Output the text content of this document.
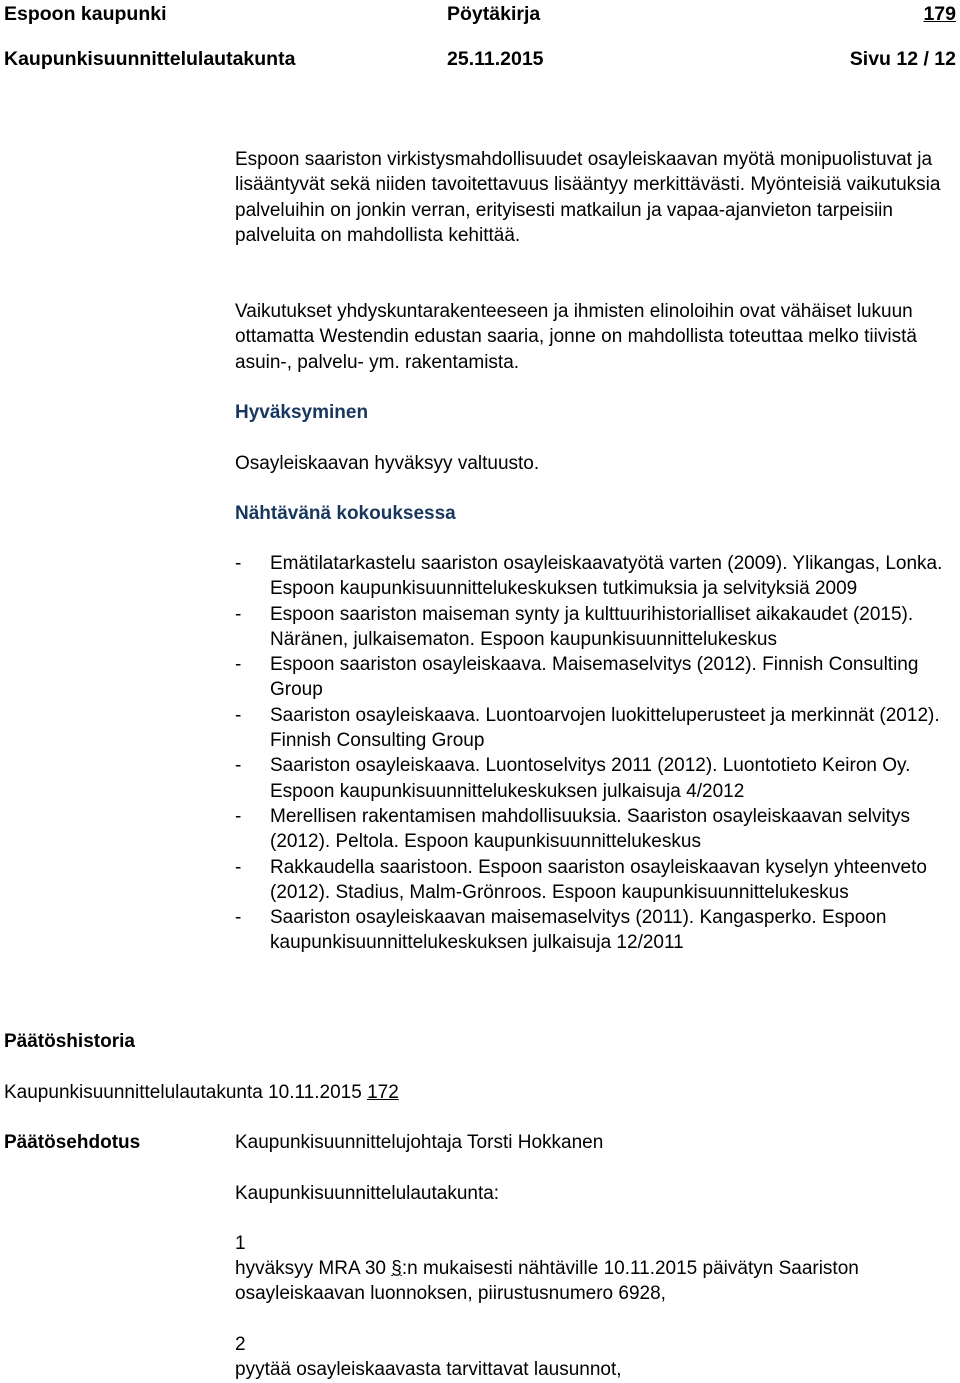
Espoon kaupunki	Pöytäkirja	179
Kaupunkisuunnittelulautakunta	25.11.2015	Sivu 12 / 12

Espoon saariston virkistysmahdollisuudet osayleiskaavan myötä monipuolistuvat ja lisääntyvät sekä niiden tavoitettavuus lisääntyy merkittävästi. Myönteisiä vaikutuksia palveluihin on jonkin verran, erityisesti matkailun ja vapaa-ajanvieton tarpeisiin palveluita on mahdollista kehittää.

Vaikutukset yhdyskuntarakenteeseen ja ihmisten elinoloihin ovat vähäiset lukuun ottamatta Westendin edustan saaria, jonne on mahdollista toteuttaa melko tiivistä asuin-, palvelu- ym. rakentamista.

Hyväksyminen
Osayleiskaavan hyväksyy valtuusto.
Nähtävänä kokouksessa
- Emätilatarkastelu saariston osayleiskaavatyötä varten (2009). Ylikangas, Lonka. Espoon kaupunkisuunnittelukeskuksen tutkimuksia ja selvityksiä 2009
- Espoon saariston maiseman synty ja kulttuurihistorialliset aikakaudet (2015). Näränen, julkaisematon. Espoon kaupunkisuunnittelukeskus
- Espoon saariston osayleiskaava. Maisemaselvitys (2012). Finnish Consulting Group
- Saariston osayleiskaava. Luontoarvojen luokitteluperusteet ja merkinnät (2012). Finnish Consulting Group
- Saariston osayleiskaava. Luontoselvitys 2011 (2012). Luontotieto Keiron Oy. Espoon kaupunkisuunnittelukeskuksen julkaisuja 4/2012
- Merellisen rakentamisen mahdollisuuksia. Saariston osayleiskaavan selvitys (2012). Peltola. Espoon kaupunkisuunnittelukeskus
- Rakkaudella saaristoon. Espoon saariston osayleiskaavan kyselyn yhteenveto (2012). Stadius, Malm-Grönroos. Espoon kaupunkisuunnittelukeskus
- Saariston osayleiskaavan maisemaselvitys (2011). Kangasperko. Espoon kaupunkisuunnittelukeskuksen julkaisuja 12/2011
Päätöshistoria
Kaupunkisuunnittelulautakunta 10.11.2015 172
Päätösehdotus	Kaupunkisuunnittelujohtaja Torsti Hokkanen
Kaupunkisuunnittelulautakunta:
1
hyväksyy MRA 30 §:n mukaisesti nähtäville 10.11.2015 päivätyn Saariston osayleiskaavan luonnoksen, piirustusnumero 6928,
2
pyytää osayleiskaavasta tarvittavat lausunnot,
